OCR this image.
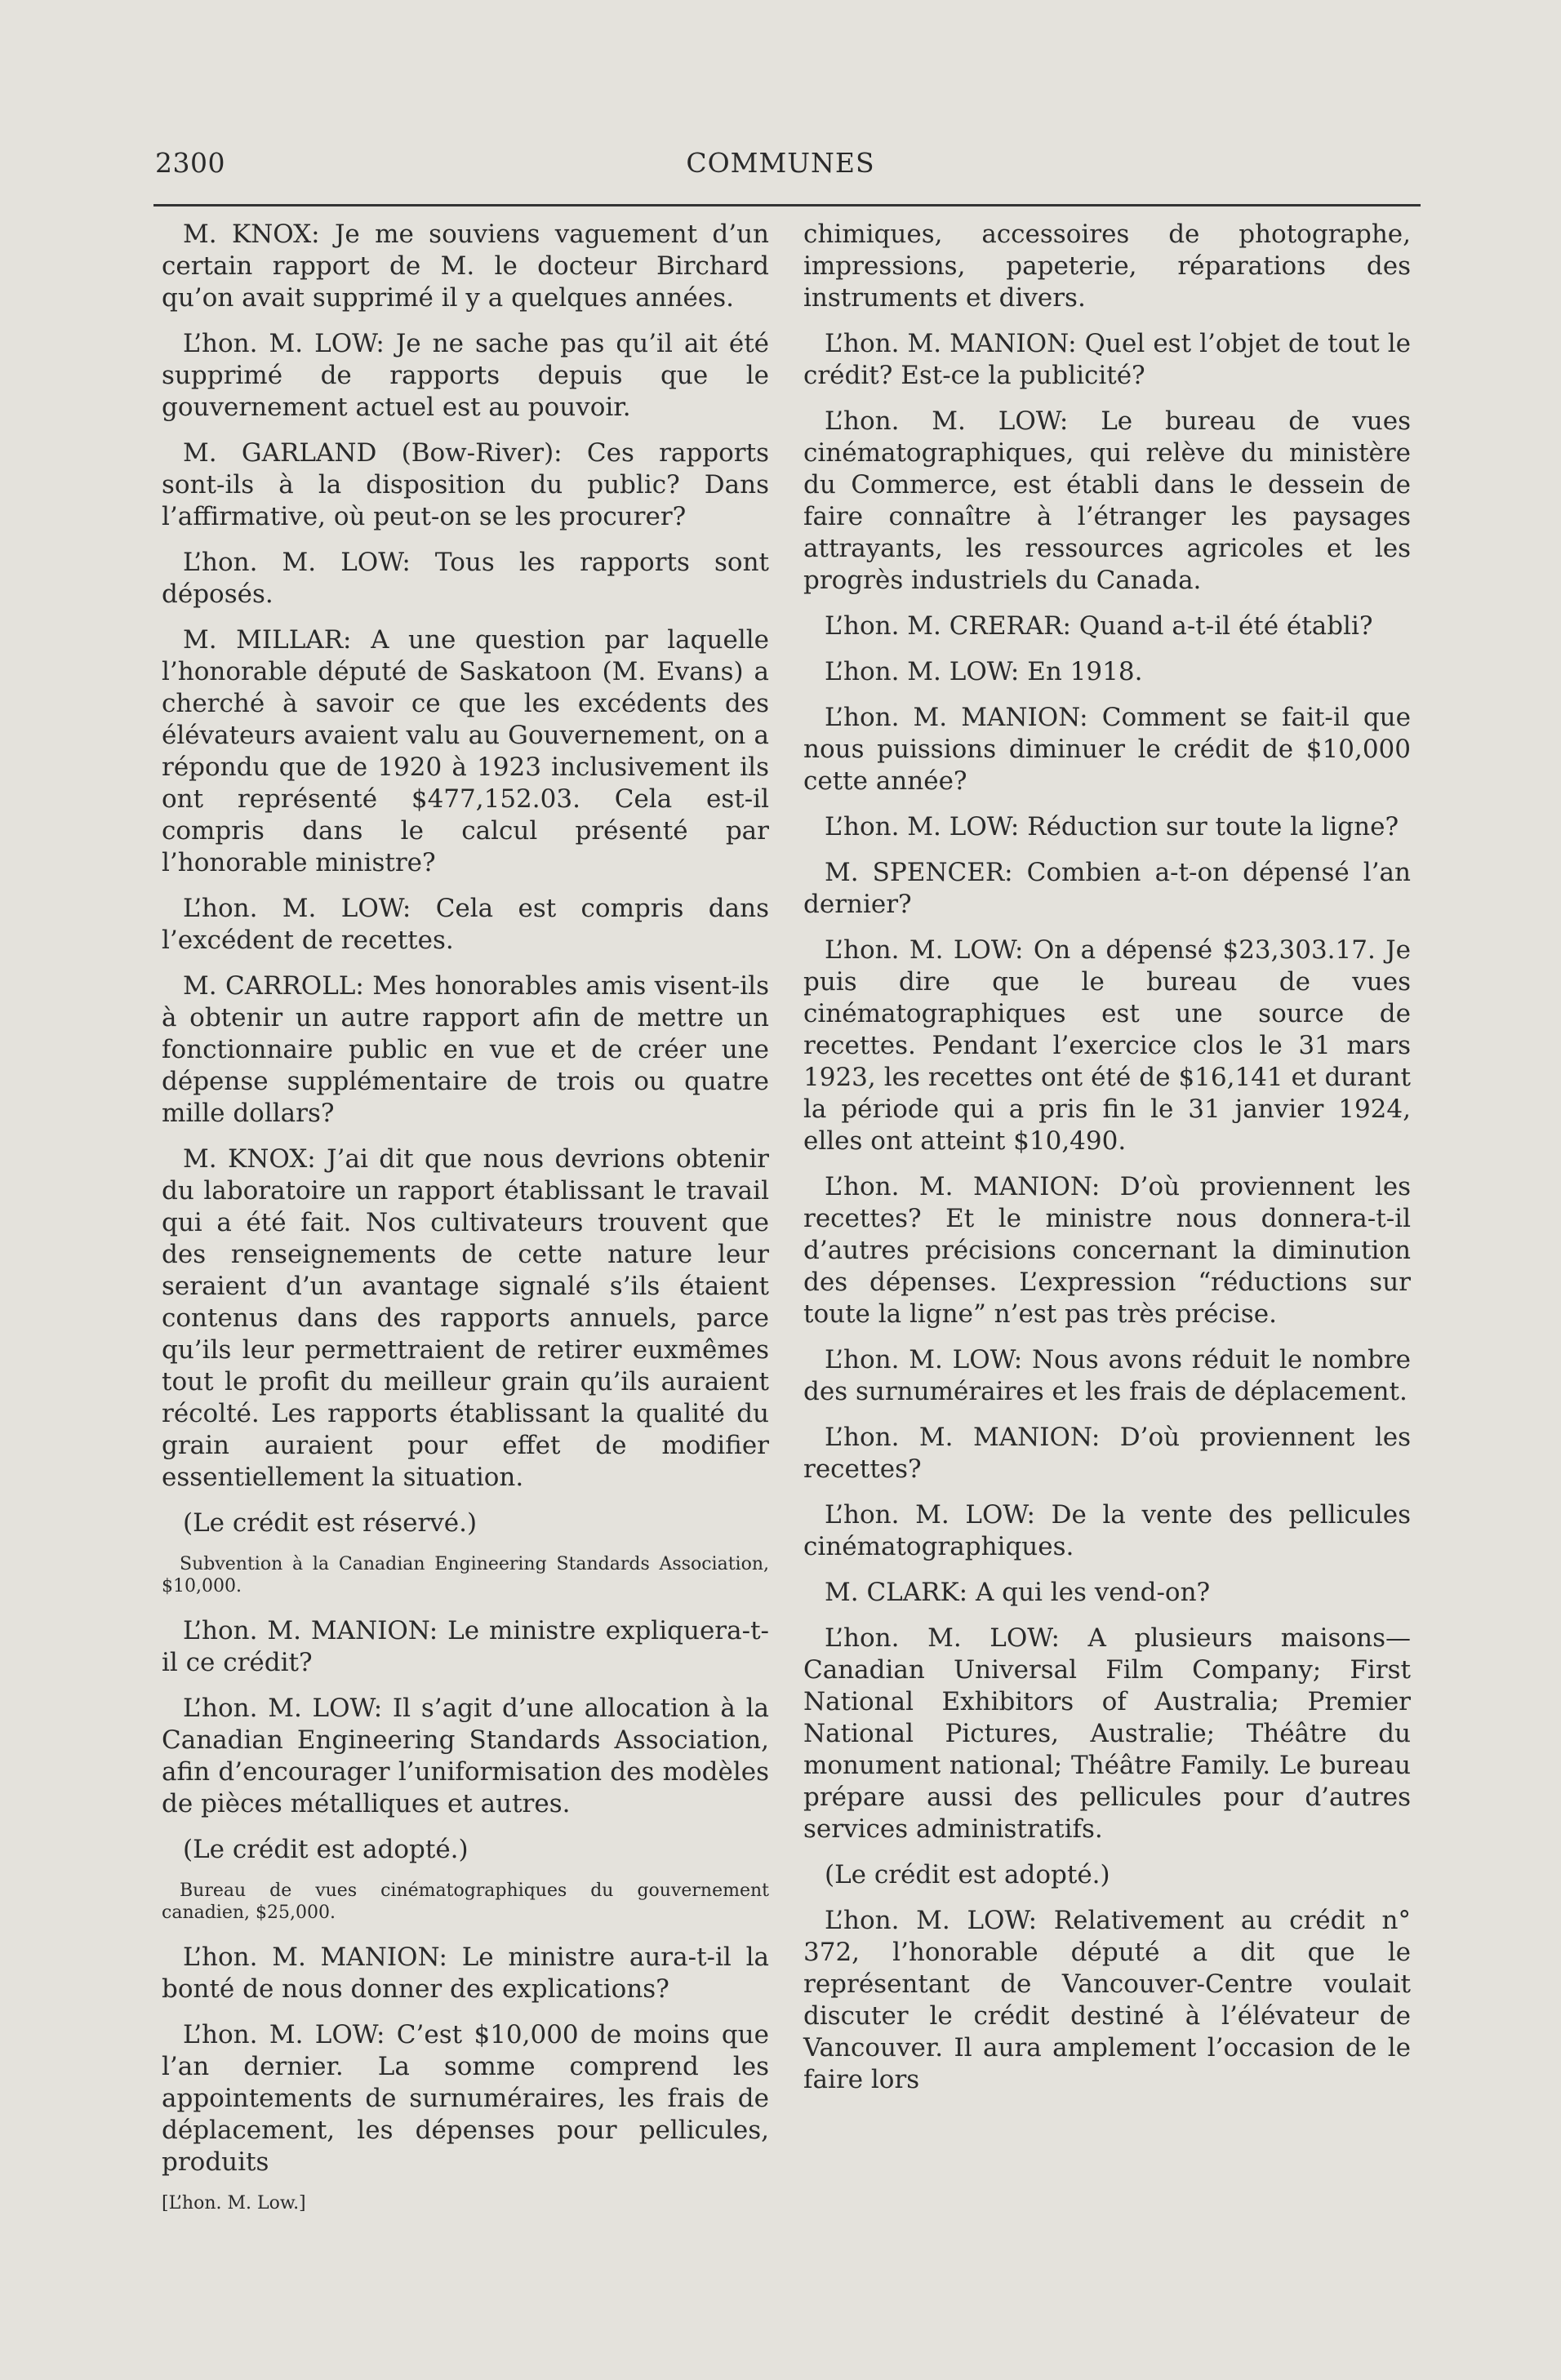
2300	COMMUNES

M. KNOX: Je me souviens vaguement d’un certain rapport de M. le docteur Birchard qu’on avait supprimé il y a quelques années.

L’hon. M. LOW: Je ne sache pas qu’il ait été supprimé de rapports depuis que le gouvernement actuel est au pouvoir.

M. GARLAND (Bow-River): Ces rapports sont-ils à la disposition du public? Dans l’affirmative, où peut-on se les procurer?

L’hon. M. LOW: Tous les rapports sont déposés.

M. MILLAR: A une question par laquelle l’honorable député de Saskatoon (M. Evans) a cherché à savoir ce que les excédents des élévateurs avaient valu au Gouvernement, on a répondu que de 1920 à 1923 inclusivement ils ont représenté $477,152.03. Cela est-il compris dans le calcul présenté par l’honorable ministre?

L’hon. M. LOW: Cela est compris dans l’excédent de recettes.

M. CARROLL: Mes honorables amis visent-ils à obtenir un autre rapport afin de mettre un fonctionnaire public en vue et de créer une dépense supplémentaire de trois ou quatre mille dollars?

M. KNOX: J’ai dit que nous devrions obtenir du laboratoire un rapport établissant le travail qui a été fait. Nos cultivateurs trouvent que des renseignements de cette nature leur seraient d’un avantage signalé s’ils étaient contenus dans des rapports annuels, parce qu’ils leur permettraient de retirer euxmêmes tout le profit du meilleur grain qu’ils auraient récolté. Les rapports établissant la qualité du grain auraient pour effet de modifier essentiellement la situation.

(Le crédit est réservé.)

Subvention à la Canadian Engineering Standards Association, $10,000.

L’hon. M. MANION: Le ministre expliquera-t-il ce crédit?

L’hon. M. LOW: Il s’agit d’une allocation à la Canadian Engineering Standards Association, afin d’encourager l’uniformisation des modèles de pièces métalliques et autres.

(Le crédit est adopté.)

Bureau de vues cinématographiques du gouvernement canadien, $25,000.

L’hon. M. MANION: Le ministre aura-t-il la bonté de nous donner des explications?

L’hon. M. LOW: C’est $10,000 de moins que l’an dernier. La somme comprend les appointements de surnuméraires, les frais de déplacement, les dépenses pour pellicules, produits

[L’hon. M. Low.]

chimiques, accessoires de photographe, impressions, papeterie, réparations des instruments et divers.

L’hon. M. MANION: Quel est l’objet de tout le crédit? Est-ce la publicité?

L’hon. M. LOW: Le bureau de vues cinématographiques, qui relève du ministère du Commerce, est établi dans le dessein de faire connaître à l’étranger les paysages attrayants, les ressources agricoles et les progrès industriels du Canada.

L’hon. M. CRERAR: Quand a-t-il été établi?

L’hon. M. LOW: En 1918.

L’hon. M. MANION: Comment se fait-il que nous puissions diminuer le crédit de $10,000 cette année?

L’hon. M. LOW: Réduction sur toute la ligne?

M. SPENCER: Combien a-t-on dépensé l’an dernier?

L’hon. M. LOW: On a dépensé $23,303.17. Je puis dire que le bureau de vues cinématographiques est une source de recettes. Pendant l’exercice clos le 31 mars 1923, les recettes ont été de $16,141 et durant la période qui a pris fin le 31 janvier 1924, elles ont atteint $10,490.

L’hon. M. MANION: D’où proviennent les recettes? Et le ministre nous donnera-t-il d’autres précisions concernant la diminution des dépenses. L’expression “réductions sur toute la ligne” n’est pas très précise.

L’hon. M. LOW: Nous avons réduit le nombre des surnuméraires et les frais de déplacement.

L’hon. M. MANION: D’où proviennent les recettes?

L’hon. M. LOW: De la vente des pellicules cinématographiques.

M. CLARK: A qui les vend-on?

L’hon. M. LOW: A plusieurs maisons—Canadian Universal Film Company; First National Exhibitors of Australia; Premier National Pictures, Australie; Théâtre du monument national; Théâtre Family. Le bureau prépare aussi des pellicules pour d’autres services administratifs.

(Le crédit est adopté.)

L’hon. M. LOW: Relativement au crédit n° 372, l’honorable député a dit que le représentant de Vancouver-Centre voulait discuter le crédit destiné à l’élévateur de Vancouver. Il aura amplement l’occasion de le faire lors
